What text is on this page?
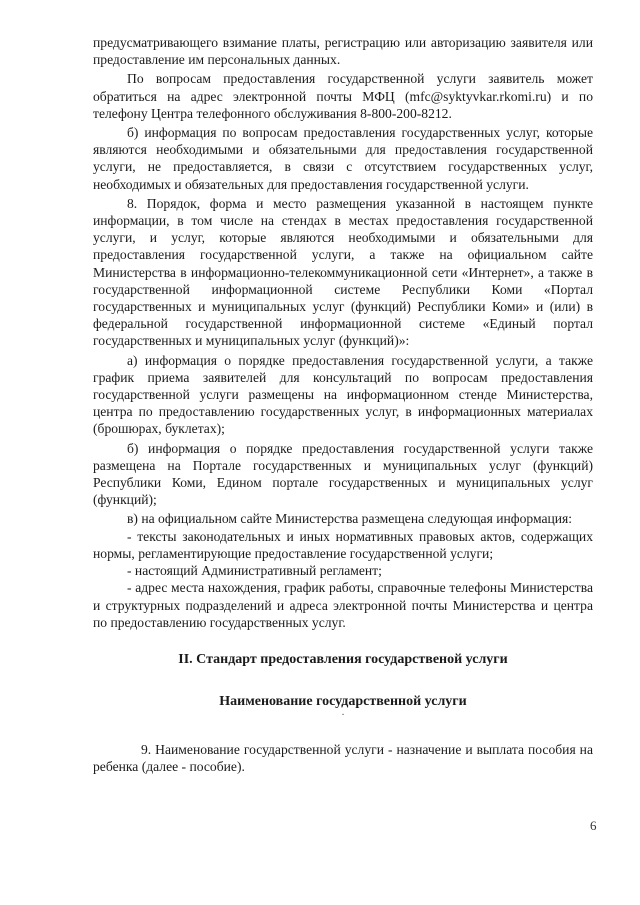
предусматривающего взимание платы, регистрацию или авторизацию заявителя или предоставление им персональных данных.

По вопросам предоставления государственной услуги заявитель может обратиться на адрес электронной почты МФЦ (mfc@syktyvkar.rkomi.ru) и по телефону Центра телефонного обслуживания 8-800-200-8212.

б) информация по вопросам предоставления государственных услуг, которые являются необходимыми и обязательными для предоставления государственной услуги, не предоставляется, в связи с отсутствием государственных услуг, необходимых и обязательных для предоставления государственной услуги.

8. Порядок, форма и место размещения указанной в настоящем пункте информации, в том числе на стендах в местах предоставления государственной услуги, и услуг, которые являются необходимыми и обязательными для предоставления государственной услуги, а также на официальном сайте Министерства в информационно-телекоммуникационной сети «Интернет», а также в государственной информационной системе Республики Коми «Портал государственных и муниципальных услуг (функций) Республики Коми» и (или) в федеральной государственной информационной системе «Единый портал государственных и муниципальных услуг (функций)»:

а) информация о порядке предоставления государственной услуги, а также график приема заявителей для консультаций по вопросам предоставления государственной услуги размещены на информационном стенде Министерства, центра по предоставлению государственных услуг, в информационных материалах (брошюрах, буклетах);

б) информация о порядке предоставления государственной услуги также размещена на Портале государственных и муниципальных услуг (функций) Республики Коми, Едином портале государственных и муниципальных услуг (функций);

в) на официальном сайте Министерства размещена следующая информация:

- тексты законодательных и иных нормативных правовых актов, содержащих нормы, регламентирующие предоставление государственной услуги;

- настоящий Административный регламент;

- адрес места нахождения, график работы, справочные телефоны Министерства и структурных подразделений и адреса электронной почты Министерства и центра по предоставлению государственных услуг.

II. Стандарт предоставления государственой услуги

Наименование государственной услуги

·

9. Наименование государственной услуги - назначение и выплата пособия на ребенка (далее - пособие).

6
